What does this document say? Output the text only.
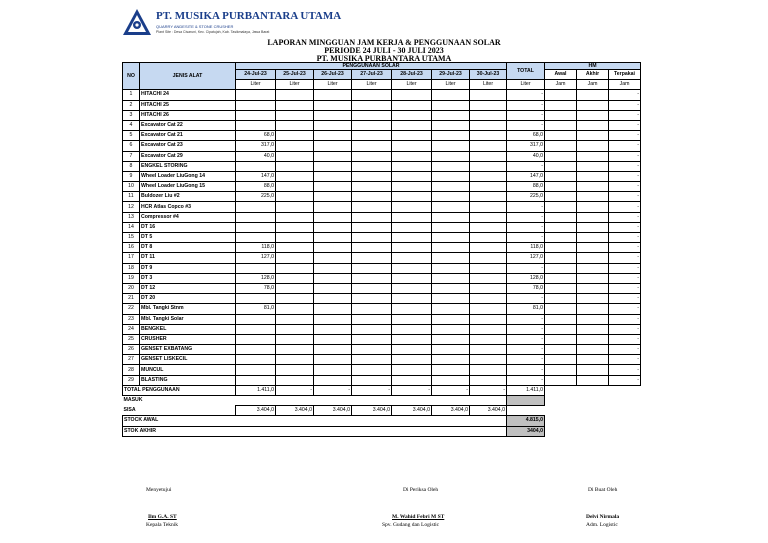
PT. MUSIKA PURBANTARA UTAMA
QUARRY ANDESITE & STONE CRUSHER
Plant Site : Desa Cisaruni, Kec. Cipatujah, Kab. Tasikmalaya, Jawa Barat
LAPORAN MINGGUAN JAM KERJA & PENGGUNAAN SOLAR
PERIODE 24 JULI - 30 JULI 2023
PT. MUSIKA PURBANTARA UTAMA
NO	JENIS ALAT	PENGGUNAAN SOLAR							TOTAL	HM		
		24-Jul-23	25-Jul-23	26-Jul-23	27-Jul-23	28-Jul-23	29-Jul-23	30-Jul-23		Awal	Akhir	Terpakai
		Liter	Liter	Liter	Liter	Liter	Liter	Liter	Liter	Jam	Jam	Jam
1	HITACHI 24								-			-
2	HITACHI 25								-			-
3	HITACHI 26								-			-
4	Excavator Cat 22								-			-
5	Excavator Cat 21	68,0							68,0			-
6	Excavator Cat 23	317,0							317,0			-
7	Excavator Cat 29	40,0							40,0			-
8	ENGKEL STORING								-			-
9	Wheel Loader LiuGong 14	147,0							147,0			-
10	Wheel Loader LiuGong 15	88,0							88,0			-
11	Buldozer Liu #2	225,0							225,0			-
12	HCR Atlas Copco #3								-			-
13	Compressor #4								-			-
14	DT 16								-			-
15	DT 5								-			-
16	DT 8	118,0							118,0			-
17	DT 11	127,0							127,0			-
18	DT 9								-			-
19	DT 3	128,0							128,0			-
20	DT 12	78,0							78,0			-
21	DT 20								-			-
22	Mbl. Tangki Stnm	81,0							81,0			-
23	Mbl. Tangki Solar								-			-
24	BENGKEL								-			-
25	CRUSHER								-			-
26	GENSET EXBATANG								-			-
27	GENSET LISKECIL								-			-
28	MUNCUL								-			-
29	BLASTING								-			-
TOTAL PENGGUNAAN		1.411,0	-	-	-	-	-	-	1.411,0			
MASUK												
SISA		3.404,0	3.404,0	3.404,0	3.404,0	3.404,0	3.404,0	3.404,0				
STOCK AWAL									4.815,0			
STOK AKHIR									3404,0			
Menyetujui	Di Periksa Oleh	Di Buat Oleh
Ilm G.A. ST
Kepala Teknik
M. Wahid Febri M ST
Spv. Gudang dan Logistic
Delvi Nirmala
Adm. Logistic
